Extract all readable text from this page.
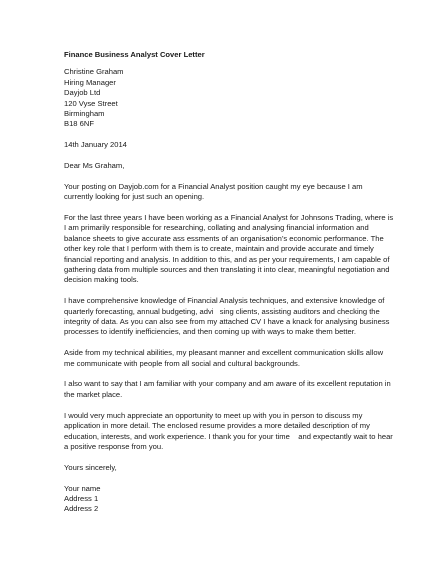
Finance Business Analyst Cover Letter
Christine Graham
Hiring Manager
Dayjob Ltd
120 Vyse Street
Birmingham
B18 6NF
14th January 2014
Dear Ms Graham,
Your posting on Dayjob.com for a Financial Analyst position caught my eye because I am
currently looking for just such an opening.
For the last three years I have been working as a Financial Analyst for Johnsons Trading, where is
I am primarily responsible for researching, collating and analysing financial information and
balance sheets to give accurate ass essments of an organisation’s economic performance. The
other key role that I perform with them is to create, maintain and provide accurate and timely
financial reporting and analysis. In addition to this, and as per your requirements, I am capable of
gathering data from multiple sources and then translating it into clear, meaningful negotiation and
decision making tools.
I have comprehensive knowledge of Financial Analysis techniques, and extensive knowledge of
quarterly forecasting, annual budgeting, advi   sing clients, assisting auditors and checking the
integrity of data. As you can also see from my attached CV I have a knack for analysing business
processes to identify inefficiencies, and then coming up with ways to make them better.
Aside from my technical abilities, my pleasant manner and excellent communication skills allow
me communicate with people from all social and cultural backgrounds.
I also want to say that I am familiar with your company and am aware of its excellent reputation in
the market place.
I would very much appreciate an opportunity to meet up with you in person to discuss my
application in more detail. The enclosed resume provides a more detailed description of my
education, interests, and work experience. I thank you for your time    and expectantly wait to hear
a positive response from you.
Yours sincerely,
Your name
Address 1
Address 2
